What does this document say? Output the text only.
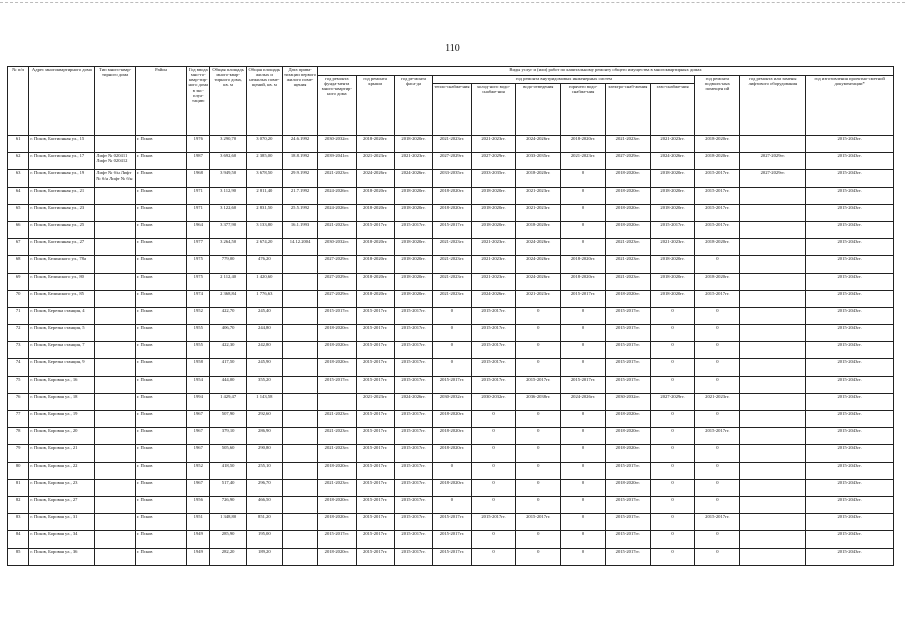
110
№ п/п	Адрес многоквартирного дома	Тип много-квар-тирного дома	Район	Год ввода мно-го-квар-тир-ного дома в экс-плуа-тацию	Общая площадь много-квар-тирного дома, кв. м	Общая площадь жилых и нежилых поме-щений, кв. м	Дата прива-тизации первого жилого поме-щения	Виды услуг и (или) работ по капитальному ремонту общего имущества в многоквартирных домах											
								год ремонта фунда-мента много-квартир-ного дома	год ремонта крыши	год ре-монта фаса-да	год ремонта внутридомовых инженерных систем						год ремонта подвалъ-ных помещен ий	год ремонта или замены лифтового оборудования	год изготовления проектно-сметной документации*
											тепло-снабже-ния	холод-ного водо-снабже-ния	водо-отведения	горячего водо-снабже-ния	электро-снаб-жения	газо-снабже-ния			
61	г. Псков, Бастионная ул., 15		г. Псков	1976	3 290,70	3 070,20	24.6.1992	2030-2032гг.	2018-2020гг.	2018-2020гг.	2021-2023гг.	2021-2023гг.	2024-2026гг.	2018-2020гг.	2021-2023гг.	2021-2023гг.	2018-2020гг.		2015-2043гг.
62	г. Псков, Бастионная ул., 17	Лифт № 020411 Лифт № 020412	г. Псков	1987	3 692,60	2 385,00	18.8.1992	2039-2041гг.	2021-2023гг.	2021-2023гг.	2027-2029гг.	2027-2029гг.	2033-2035гг.	2021-2023гг.	2027-2029гг.	2024-2026гг.	2018-2020гг.	2027-2029гг.	2015-2043гг.
63	г. Псков, Бастионная ул., 19	Лифт № б/н Лифт № б/н Лифт № б/н	г. Псков	1968	3 949,50	3 678,50	29.9.1992	2021-2023гг.	2024-2026гг.	2024-2026гг.	2033-2035гг.	2033-2035гг.	2018-2020гг.	0	2018-2020гг.	2018-2020гг.	2015-2017гг.	2027-2029гг.	2015-2043гг.
64	г. Псков, Бастионная ул., 21		г. Псков	1971	3 112,90	2 811,40	21.7.1992	2024-2026гг.	2018-2020гг.	2018-2020гг.	2018-2020гг.	2018-2020гг.	2021-2023гг.	0	2018-2020гг.	2018-2020гг.	2015-2017гг.		2015-2043гг.
65	г. Псков, Бастионная ул., 23		г. Псков	1971	3 122,60	2 831,50	25.5.1992	2024-2026гг.	2018-2020гг.	2018-2020гг.	2018-2020гг.	2018-2020гг.	2021-2023гг.	0	2018-2020гг.	2018-2020гг.	2015-2017гг.		2015-2043гг.
66	г. Псков, Бастионная ул., 25		г. Псков	1964	3 377,90	3 133,80	16.1.1993	2021-2023гг.	2015-2017гг.	2015-2017гг.	2015-2017гг.	2018-2020гг.	2018-2020гг.	0	2018-2020гг.	2015-2017гг.	2015-2017гг.		2015-2043гг.
67	г. Псков, Бастионная ул., 27		г. Псков	1977	3 264,50	2 674,20	14.12.2004	2030-2032гг.	2018-2020гг.	2018-2020гг.	2021-2023гг.	2021-2023гг.	2024-2026гг.	0	2021-2023гг.	2021-2023гг.	2018-2020гг.		2015-2043гг.
68	г. Псков, Белинского ул., 78а		г. Псков	1975	779,00	476,20		2027-2029гг.	2018-2020гг.	2018-2020гг.	2021-2023гг.	2021-2023гг.	2024-2026гг.	2018-2020гг.	2021-2023гг.	2018-2020гг.	0		2015-2043гг.
69	г. Псков, Белинского ул., 80		г. Псков	1975	2 112,40	1 420,60		2027-2029гг.	2018-2020гг.	2018-2020гг.	2021-2023гг.	2021-2023гг.	2024-2026гг.	2018-2020гг.	2021-2023гг.	2018-2020гг.	2018-2020гг.		2015-2043гг.
70	г. Псков, Белинского ул., 85		г. Псков	1974	2 368,84	1 776,63		2027-2029гг.	2018-2020гг.	2018-2020гг.	2021-2023гг.	2024-2026гг.	2021-2023гг.	2015-2017гг.	2018-2020гг.	2018-2020гг.	2015-2017гг.		2015-2043гг.
71	г. Псков, Березка станция, 4		г. Псков	1952	422,70	245,40		2015-2017гг.	2015-2017гг.	2015-2017гг.	0	2015-2017гг.	0	0	2015-2017гг.	0	0		2015-2043гг.
72	г. Псков, Березка станция, 5		г. Псков	1955	406,70	244,80		2018-2020гг.	2015-2017гг.	2015-2017гг.	0	2015-2017гг.	0	0	2015-2017гг.	0	0		2015-2043гг.
73	г. Псков, Березка станция, 7		г. Псков	1955	422,30	242,80		2018-2020гг.	2015-2017гг.	2015-2017гг.	0	2015-2017гг.	0	0	2015-2017гг.	0	0		2015-2043гг.
74	г. Псков, Березка станция, 9		г. Псков	1958	417,50	245,90		2018-2020гг.	2015-2017гг.	2015-2017гг.	0	2015-2017гг.	0	0	2015-2017гг.	0	0		2015-2043гг.
75	г. Псков, Боровая ул., 16		г. Псков	1954	444,00	355,20		2015-2017гг.	2015-2017гг.	2015-2017гг.	2015-2017гг.	2015-2017гг.	2015-2017гг.	2015-2017гг.	2015-2017гг.	0	0		2015-2043гг.
76	г. Псков, Боровая ул., 18		г. Псков	1994	1 429,47	1 143,58			2021-2023гг.	2024-2026гг.	2030-2032гг.	2030-2032гг.	2036-2038гг.	2024-2026гг.	2030-2032гг.	2027-2029гг.	2021-2023гг.		2015-2043гг.
77	г. Псков, Боровая ул., 19		г. Псков	1967	507,90	292,60		2021-2023гг.	2015-2017гг.	2015-2017гг.	2018-2020гг.	0	0	0	2018-2020гг.	0	0		2015-2043гг.
78	г. Псков, Боровая ул., 20		г. Псков	1967	379,10	286,90		2021-2023гг.	2015-2017гг.	2015-2017гг.	2018-2020гг.	0	0	0	2018-2020гг.	0	2015-2017гг.		2015-2043гг.
79	г. Псков, Боровая ул., 21		г. Псков	1967	505,60	290,80		2021-2023гг.	2015-2017гг.	2015-2017гг.	2018-2020гг.	0	0	0	2018-2020гг.	0	0		2015-2043гг.
80	г. Псков, Боровая ул., 22		г. Псков	1952	418,50	255,10		2018-2020гг.	2015-2017гг.	2015-2017гг.	0	0	0	0	2015-2017гг.	0	0		2015-2043гг.
81	г. Псков, Боровая ул., 23		г. Псков	1967	517,40	296,70		2021-2023гг.	2015-2017гг.	2015-2017гг.	2018-2020гг.	0	0	0	2018-2020гг.	0	0		2015-2043гг.
82	г. Псков, Боровая ул., 27		г. Псков	1956	726,90	466,50		2018-2020гг.	2015-2017гг.	2015-2017гг.	0	0	0	0	2015-2017гг.	0	0		2015-2043гг.
83	г. Псков, Боровая ул., 31		г. Псков	1951	1 348,80	851,20		2018-2020гг.	2015-2017гг.	2015-2017гг.	2015-2017гг.	2015-2017гг.	2015-2017гг.	0	2015-2017гг.	0	2015-2017гг.		2015-2043гг.
84	г. Псков, Боровая ул., 34		г. Псков	1949	285,90	195,00		2015-2017гг.	2015-2017гг.	2015-2017гг.	2015-2017гг.	0	0	0	2015-2017гг.	0	0		2015-2043гг.
85	г. Псков, Боровая ул., 36		г. Псков	1949	282,20	189,20		2018-2020гг.	2015-2017гг.	2015-2017гг.	2015-2017гг.	0	0	0	2015-2017гг.	0	0		2015-2043гг.
